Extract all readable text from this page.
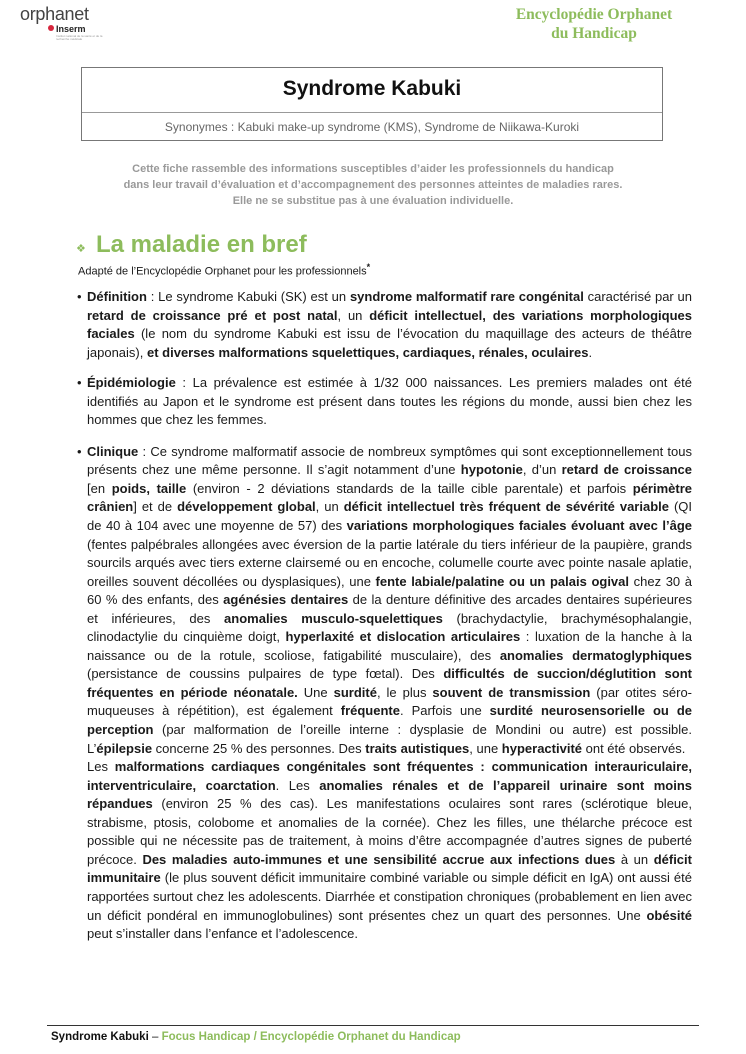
orphanet
Inserm
Institut national de la santé et de la recherche médicale
Encyclopédie Orphanet
du Handicap
Syndrome Kabuki
Synonymes : Kabuki make-up syndrome (KMS), Syndrome de Niikawa-Kuroki
Cette fiche rassemble des informations susceptibles d’aider les professionnels du handicap
dans leur travail d’évaluation et d’accompagnement des personnes atteintes de maladies rares.
Elle ne se substitue pas à une évaluation individuelle.
❖ La maladie en bref
Adapté de l’Encyclopédie Orphanet pour les professionnels*
• Définition : Le syndrome Kabuki (SK) est un syndrome malformatif rare congénital caractérisé par un retard de croissance pré et post natal, un déficit intellectuel, des variations morphologiques faciales (le nom du syndrome Kabuki est issu de l’évocation du maquillage des acteurs de théâtre japonais), et diverses malformations squelettiques, cardiaques, rénales, oculaires.
• Épidémiologie : La prévalence est estimée à 1/32 000 naissances. Les premiers malades ont été identifiés au Japon et le syndrome est présent dans toutes les régions du monde, aussi bien chez les hommes que chez les femmes.
• Clinique : Ce syndrome malformatif associe de nombreux symptômes qui sont exceptionnellement tous présents chez une même personne. Il s’agit notamment d’une hypotonie, d’un retard de croissance [en poids, taille (environ - 2 déviations standards de la taille cible parentale) et parfois périmètre crânien] et de développement global, un déficit intellectuel très fréquent de sévérité variable (QI de 40 à 104 avec une moyenne de 57) des variations morphologiques faciales évoluant avec l’âge (fentes palpébrales allongées avec éversion de la partie latérale du tiers inférieur de la paupière, grands sourcils arqués avec tiers externe clairsemé ou en encoche, columelle courte avec pointe nasale aplatie, oreilles souvent décollées ou dysplasiques), une fente labiale/palatine ou un palais ogival chez 30 à 60 % des enfants, des agénésies dentaires de la denture définitive des arcades dentaires supérieures et inférieures, des anomalies musculo-squelettiques (brachydactylie, brachymésophalangie, clinodactylie du cinquième doigt, hyperlaxité et dislocation articulaires : luxation de la hanche à la naissance ou de la rotule, scoliose, fatigabilité musculaire), des anomalies dermatoglyphiques (persistance de coussins pulpaires de type fœtal). Des difficultés de succion/déglutition sont fréquentes en période néonatale. Une surdité, le plus souvent de transmission (par otites séro-muqueuses à répétition), est également fréquente. Parfois une surdité neurosensorielle ou de perception (par malformation de l’oreille interne : dysplasie de Mondini ou autre) est possible. L’épilepsie concerne 25 % des personnes. Des traits autistiques, une hyperactivité ont été observés.
Les malformations cardiaques congénitales sont fréquentes : communication interauriculaire, interventriculaire, coarctation. Les anomalies rénales et de l’appareil urinaire sont moins répandues (environ 25 % des cas). Les manifestations oculaires sont rares (sclérotique bleue, strabisme, ptosis, colobome et anomalies de la cornée). Chez les filles, une thélarche précoce est possible qui ne nécessite pas de traitement, à moins d’être accompagnée d’autres signes de puberté précoce. Des maladies auto-immunes et une sensibilité accrue aux infections dues à un déficit immunitaire (le plus souvent déficit immunitaire combiné variable ou simple déficit en IgA) ont aussi été rapportées surtout chez les adolescents. Diarrhée et constipation chroniques (probablement en lien avec un déficit pondéral en immunoglobulines) sont présentes chez un quart des personnes. Une obésité peut s’installer dans l’enfance et l’adolescence.
Syndrome Kabuki – Focus Handicap / Encyclopédie Orphanet du Handicap
